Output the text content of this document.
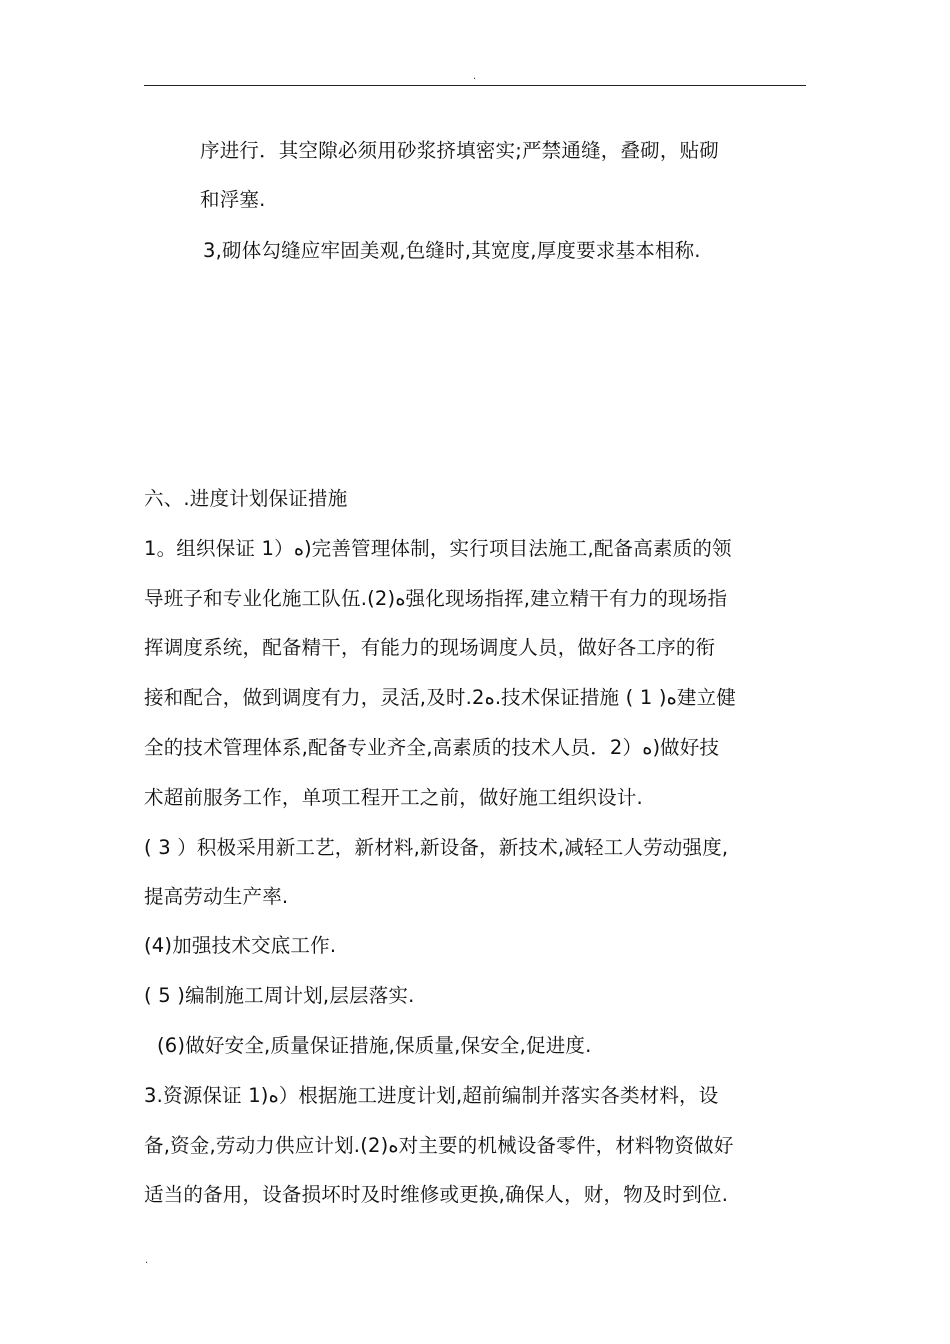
.
序进行．其空隙必须用砂浆挤填密实;严禁通缝，叠砌，贴砌
和浮塞.
3,砌体勾缝应牢固美观,色缝时,其宽度,厚度要求基本相称.
六、.进度计划保证措施
1。组织保证 1）ﻩ)完善管理体制，实行项目法施工,配备高素质的领
导班子和专业化施工队伍.(2)ﻩ强化现场指挥,建立精干有力的现场指
挥调度系统，配备精干，有能力的现场调度人员，做好各工序的衔
接和配合，做到调度有力，灵活,及时.2ﻩ.技术保证措施 ( 1 )ﻩ建立健
全的技术管理体系,配备专业齐全,高素质的技术人员．2）ﻩ)做好技
术超前服务工作，单项工程开工之前，做好施工组织设计.
( 3 ）积极采用新工艺，新材料,新设备，新技术,减轻工人劳动强度,
提高劳动生产率.
(4)加强技术交底工作.
( 5 )编制施工周计划,层层落实.
(6)做好安全,质量保证措施,保质量,保安全,促进度.
3.资源保证 1)ﻩ）根据施工进度计划,超前编制并落实各类材料，设
备,资金,劳动力供应计划.(2)ﻩ对主要的机械设备零件，材料物资做好
适当的备用，设备损坏时及时维修或更换,确保人，财，物及时到位.
.
